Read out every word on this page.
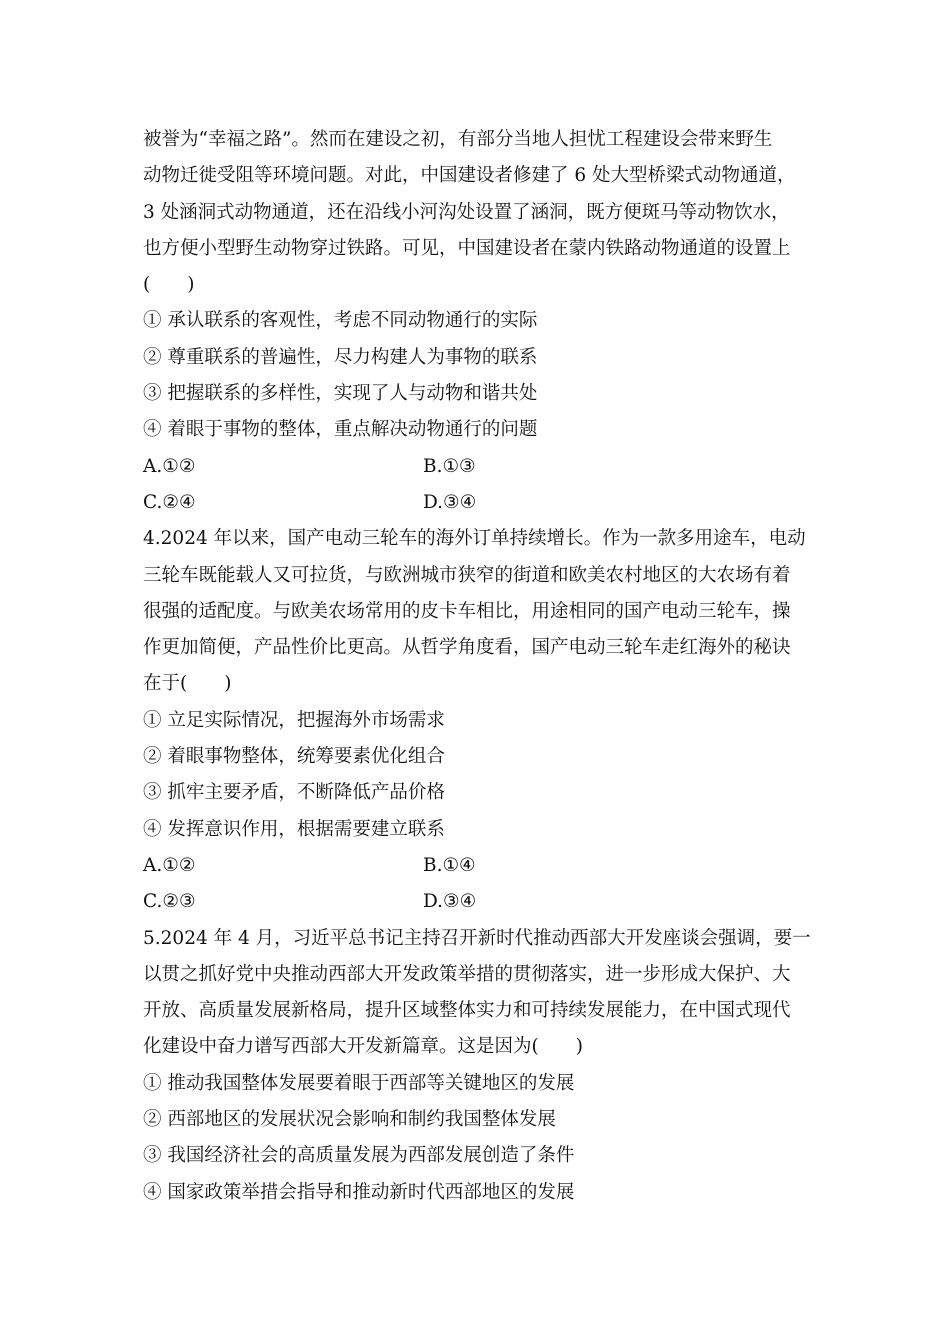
被誉为“幸福之路”。然而在建设之初，有部分当地人担忧工程建设会带来野生
动物迁徙受阻等环境问题。对此，中国建设者修建了 6 处大型桥梁式动物通道，
3 处涵洞式动物通道，还在沿线小河沟处设置了涵洞，既方便斑马等动物饮水，
也方便小型野生动物穿过铁路。可见，中国建设者在蒙内铁路动物通道的设置上
(　　)
① 承认联系的客观性，考虑不同动物通行的实际
② 尊重联系的普遍性，尽力构建人为事物的联系
③ 把握联系的多样性，实现了人与动物和谐共处
④ 着眼于事物的整体，重点解决动物通行的问题
A.①②	B.①③
C.②④	D.③④
4.2024 年以来，国产电动三轮车的海外订单持续增长。作为一款多用途车，电动
三轮车既能载人又可拉货，与欧洲城市狭窄的街道和欧美农村地区的大农场有着
很强的适配度。与欧美农场常用的皮卡车相比，用途相同的国产电动三轮车，操
作更加简便，产品性价比更高。从哲学角度看，国产电动三轮车走红海外的秘诀
在于(　　)
① 立足实际情况，把握海外市场需求
② 着眼事物整体，统筹要素优化组合
③ 抓牢主要矛盾，不断降低产品价格
④ 发挥意识作用，根据需要建立联系
A.①②	B.①④
C.②③	D.③④
5.2024 年 4 月，习近平总书记主持召开新时代推动西部大开发座谈会强调，要一
以贯之抓好党中央推动西部大开发政策举措的贯彻落实，进一步形成大保护、大
开放、高质量发展新格局，提升区域整体实力和可持续发展能力，在中国式现代
化建设中奋力谱写西部大开发新篇章。这是因为(　　)
① 推动我国整体发展要着眼于西部等关键地区的发展
② 西部地区的发展状况会影响和制约我国整体发展
③ 我国经济社会的高质量发展为西部发展创造了条件
④ 国家政策举措会指导和推动新时代西部地区的发展
